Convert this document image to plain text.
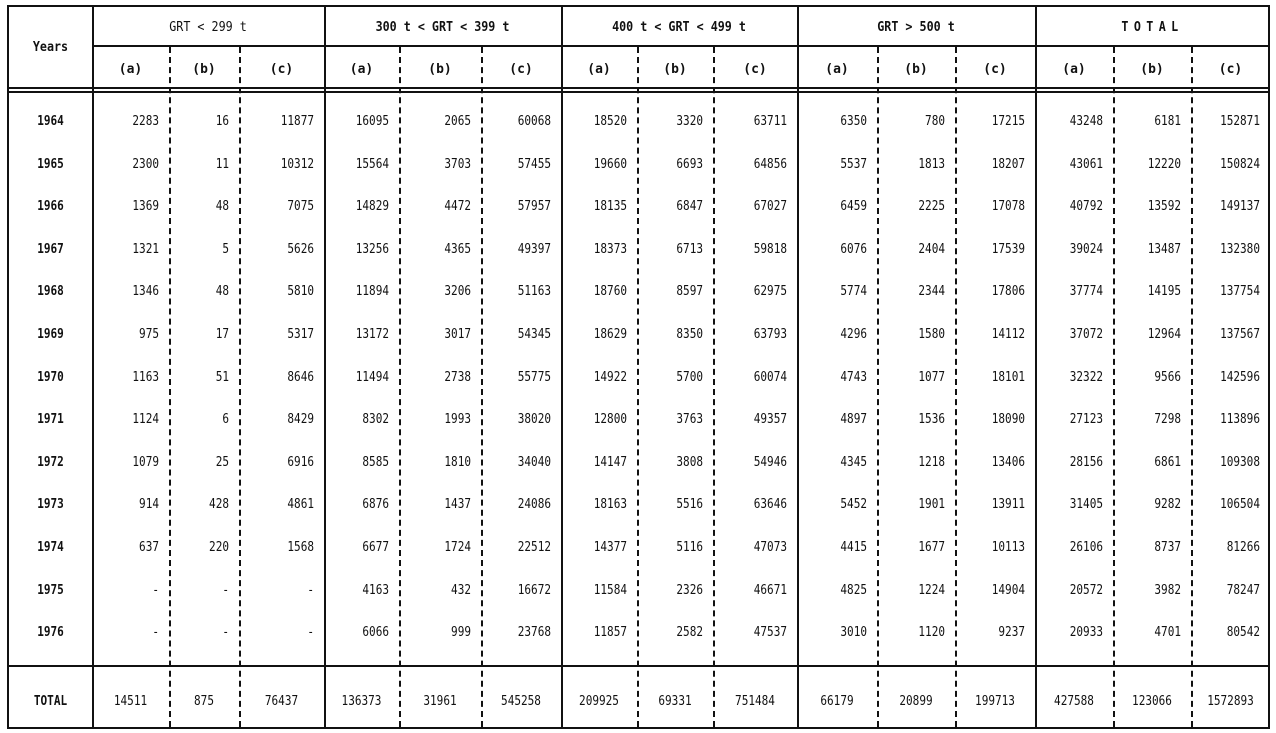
Years
GRT < 299 t	300 t < GRT < 399 t	400 t < GRT < 499 t	GRT > 500 t	TOTAL
(a)	(b)	(c)	(a)	(b)	(c)	(a)	(b)	(c)	(a)	(b)	(c)	(a)	(b)	(c)
1964	2283	16	11877	16095	2065	60068	18520	3320	63711	6350	780	17215	43248	6181	152871
1965	2300	11	10312	15564	3703	57455	19660	6693	64856	5537	1813	18207	43061	12220	150824
1966	1369	48	7075	14829	4472	57957	18135	6847	67027	6459	2225	17078	40792	13592	149137
1967	1321	5	5626	13256	4365	49397	18373	6713	59818	6076	2404	17539	39024	13487	132380
1968	1346	48	5810	11894	3206	51163	18760	8597	62975	5774	2344	17806	37774	14195	137754
1969	975	17	5317	13172	3017	54345	18629	8350	63793	4296	1580	14112	37072	12964	137567
1970	1163	51	8646	11494	2738	55775	14922	5700	60074	4743	1077	18101	32322	9566	142596
1971	1124	6	8429	8302	1993	38020	12800	3763	49357	4897	1536	18090	27123	7298	113896
1972	1079	25	6916	8585	1810	34040	14147	3808	54946	4345	1218	13406	28156	6861	109308
1973	914	428	4861	6876	1437	24086	18163	5516	63646	5452	1901	13911	31405	9282	106504
1974	637	220	1568	6677	1724	22512	14377	5116	47073	4415	1677	10113	26106	8737	81266
1975	-	-	-	4163	432	16672	11584	2326	46671	4825	1224	14904	20572	3982	78247
1976	-	-	-	6066	999	23768	11857	2582	47537	3010	1120	9237	20933	4701	80542
TOTAL	14511	875	76437	136373	31961	545258	209925	69331	751484	66179	20899	199713	427588	123066	1572893
